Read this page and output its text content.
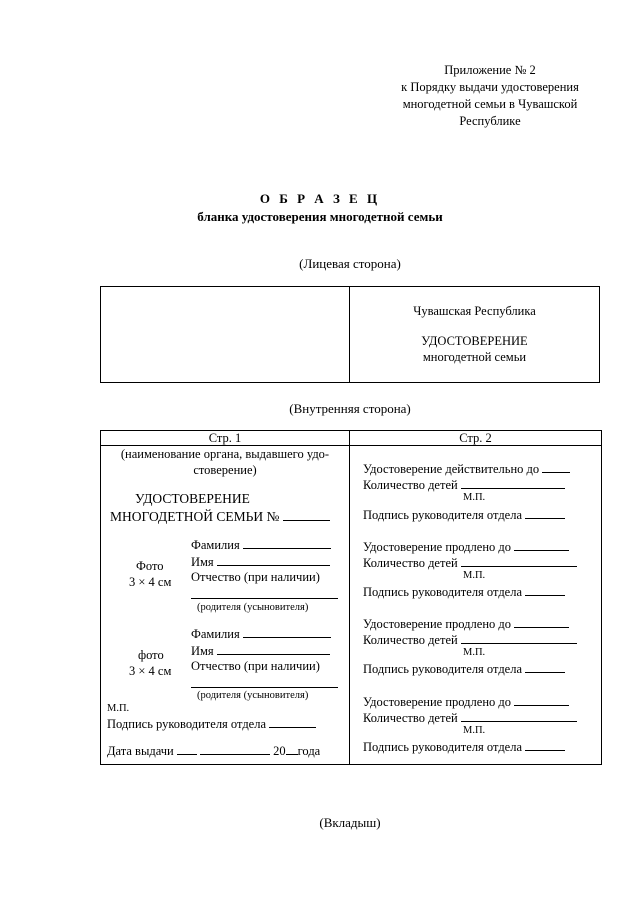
Приложение № 2
к Порядку выдачи удостоверения
многодетной семьи в Чувашской
Республике
О Б Р А З Е Ц
бланка удостоверения многодетной семьи
(Лицевая сторона)
Чувашская Республика
УДОСТОВЕРЕНИЕ
многодетной семьи
(Внутренняя сторона)
Стр. 1	Стр. 2
(наименование органа, выдавшего удо-
стоверение)
УДОСТОВЕРЕНИЕ
МНОГОДЕТНОЙ СЕМЬИ №
Фамилия
Имя
Фото
Отчество (при наличии)
3 × 4 см
(родителя (усыновителя)
Фамилия
Имя
фото
Отчество (при наличии)
3 × 4 см
(родителя (усыновителя)
М.П.
Подпись руководителя отдела
Дата выдачи	20 года
Удостоверение действительно до
Количество детей
М.П.
Подпись руководителя отдела
Удостоверение продлено до
Количество детей
М.П.
Подпись руководителя отдела
Удостоверение продлено до
Количество детей
М.П.
Подпись руководителя отдела
Удостоверение продлено до
Количество детей
М.П.
Подпись руководителя отдела
(Вкладыш)
